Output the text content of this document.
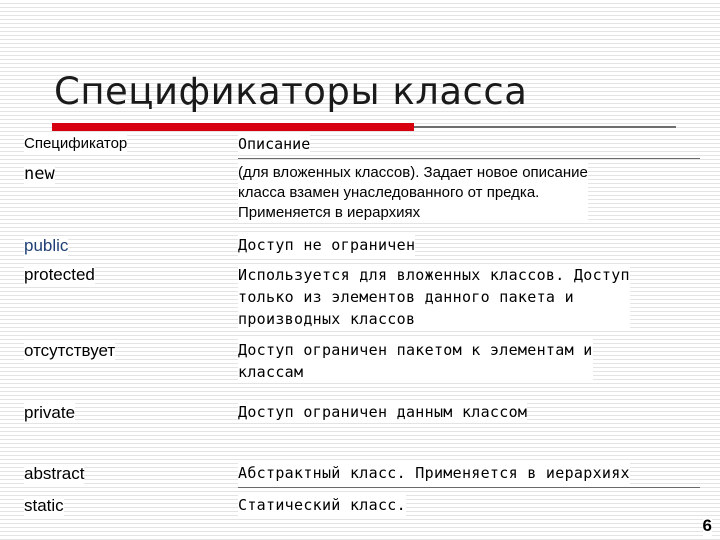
Спецификаторы класса
Спецификатор	Описание
new	(для вложенных классов). Задает новое описание
класса взамен унаследованного от предка.
Применяется в иерархиях
public	Доступ не ограничен
protected	Используется для вложенных классов. Доступ
только из элементов данного пакета и
производных классов
отсутствует	Доступ ограничен пакетом к элементам и
классам
private	Доступ ограничен данным классом
abstract	Абстрактный класс. Применяется в иерархиях
static	Статический класс.
6
